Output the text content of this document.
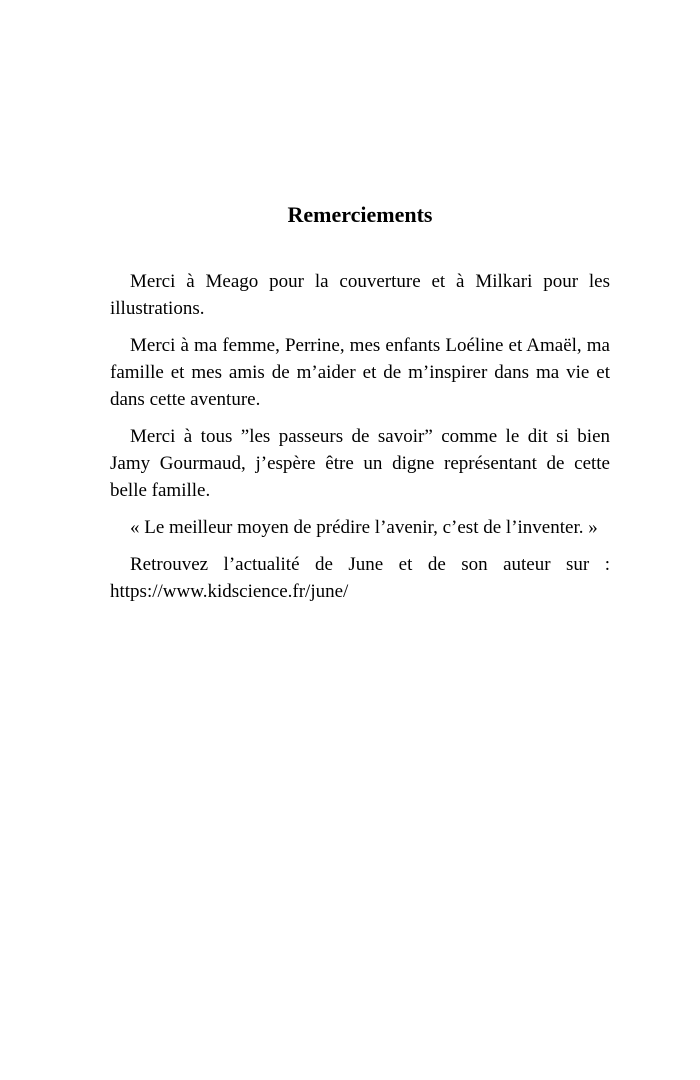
Remerciements

Merci à Meago pour la couverture et à Milkari pour les illustrations.

Merci à ma femme, Perrine, mes enfants Loéline et Amaël, ma famille et mes amis de m’aider et de m’inspirer dans ma vie et dans cette aventure.

Merci à tous ”les passeurs de savoir” comme le dit si bien Jamy Gourmaud, j’espère être un digne représentant de cette belle famille.

« Le meilleur moyen de prédire l’avenir, c’est de l’inventer. »

Retrouvez l’actualité de June et de son auteur sur : https://www.kidscience.fr/june/
